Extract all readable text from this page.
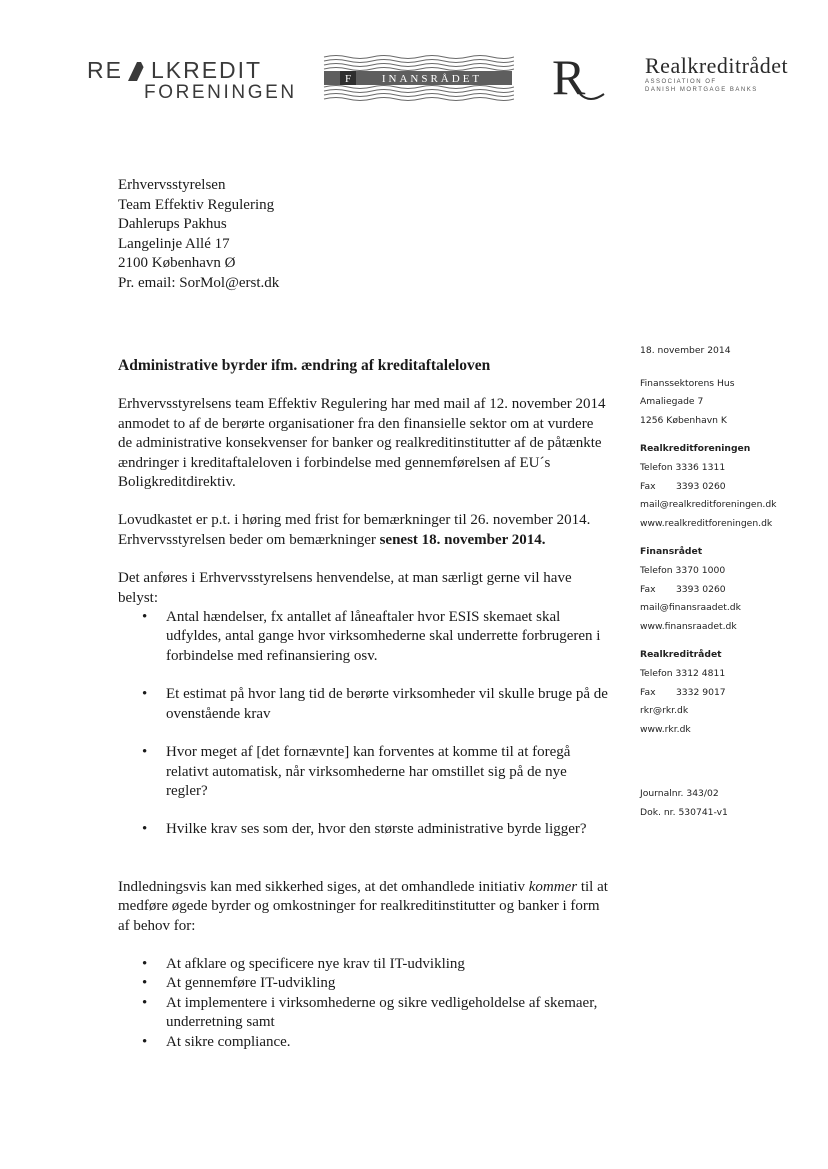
RE LKREDIT
FORENINGEN
F	INANSRÅDET R	Realkreditrådet
ASSOCIATION OF
DANISH MORTGAGE BANKS
Erhvervsstyrelsen
Team Effektiv Regulering
Dahlerups Pakhus
Langelinje Allé 17
2100 København Ø
Pr. email: SorMol@erst.dk
18. november 2014
Finanssektorens Hus
Amaliegade 7
1256 København K
Realkreditforeningen
Telefon 3336 1311
Fax       3393 0260
mail@realkreditforeningen.dk
www.realkreditforeningen.dk
Finansrådet
Telefon 3370 1000
Fax       3393 0260
mail@finansraadet.dk
www.finansraadet.dk
Realkreditrådet
Telefon 3312 4811
Fax       3332 9017
rkr@rkr.dk
www.rkr.dk
Journalnr. 343/02
Dok. nr. 530741-v1
Administrative byrder ifm. ændring af kreditaftaleloven

Erhvervsstyrelsens team Effektiv Regulering har med mail af 12. november 2014 anmodet to af de berørte organisationer fra den finansielle sektor om at vurdere de administrative konsekvenser for banker og realkreditinstitutter af de påtænkte ændringer i kreditaftaleloven i forbindelse med gennemførelsen af EU´s Boligkreditdirektiv.

Lovudkastet er p.t. i høring med frist for bemærkninger til 26. november 2014. Erhvervsstyrelsen beder om bemærkninger senest 18. november 2014.

Det anføres i Erhvervsstyrelsens henvendelse, at man særligt gerne vil have belyst:

• Antal hændelser, fx antallet af låneaftaler hvor ESIS skemaet skal udfyldes, antal gange hvor virksomhederne skal underrette forbrugeren i forbindelse med refinansiering osv.
• Et estimat på hvor lang tid de berørte virksomheder vil skulle bruge på de ovenstående krav
• Hvor meget af [det fornævnte] kan forventes at komme til at foregå relativt automatisk, når virksomhederne har omstillet sig på de nye regler?
• Hvilke krav ses som der, hvor den største administrative byrde ligger?

Indledningsvis kan med sikkerhed siges, at det omhandlede initiativ kommer til at medføre øgede byrder og omkostninger for realkreditinstitutter og banker i form af behov for:

• At afklare og specificere nye krav til IT-udvikling
• At gennemføre IT-udvikling
• At implementere i virksomhederne og sikre vedligeholdelse af skemaer, underretning samt
• At sikre compliance.
